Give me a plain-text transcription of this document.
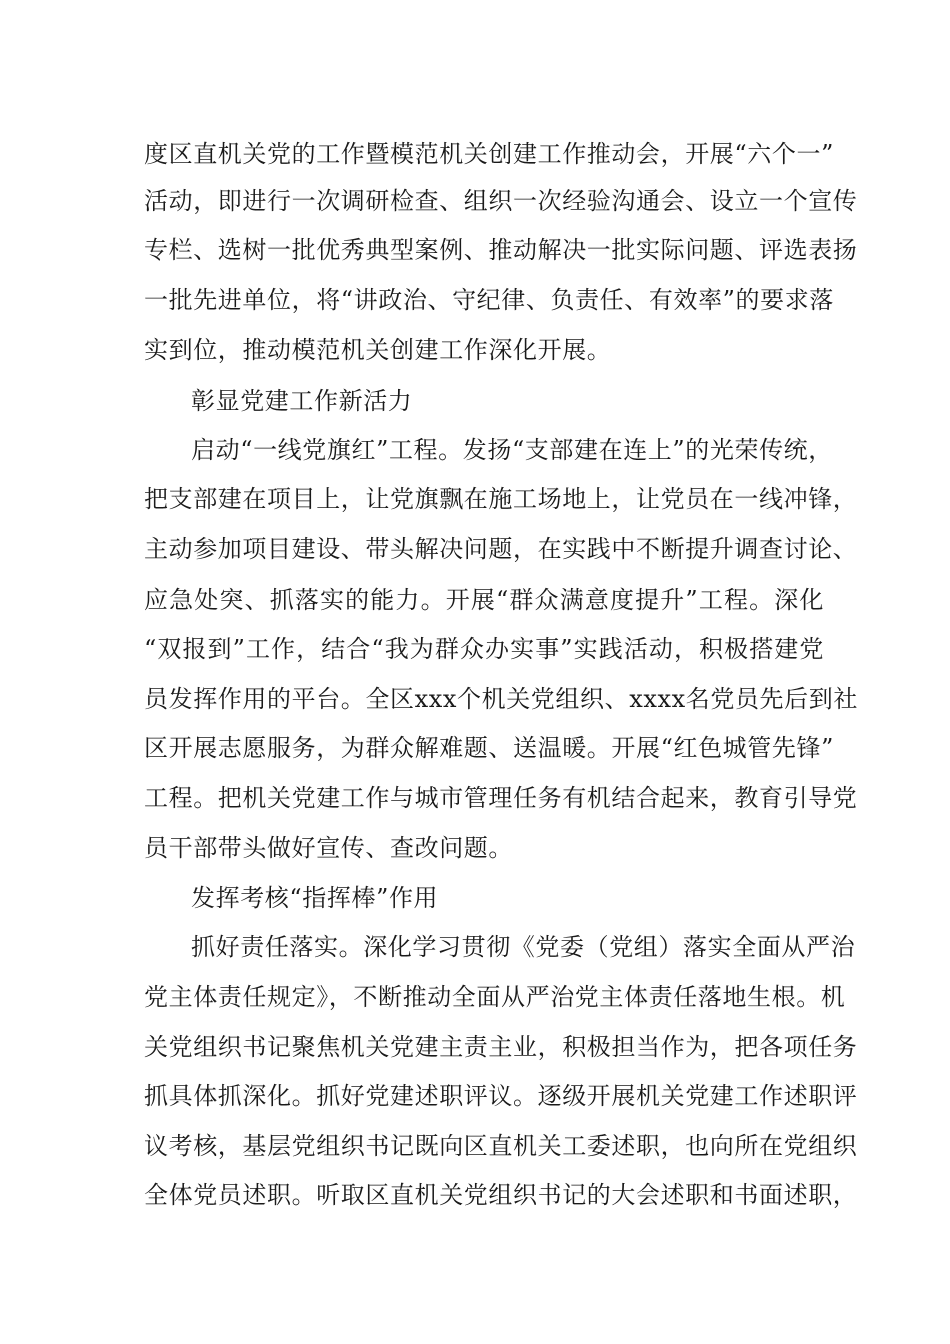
度区直机关党的工作暨模范机关创建工作推动会，开展“六个一”
活动，即进行一次调研检查、组织一次经验沟通会、设立一个宣传
专栏、选树一批优秀典型案例、推动解决一批实际问题、评选表扬
一批先进单位，将“讲政治、守纪律、负责任、有效率”的要求落
实到位，推动模范机关创建工作深化开展。
彰显党建工作新活力
启动“一线党旗红”工程。发扬“支部建在连上”的光荣传统，
把支部建在项目上，让党旗飘在施工场地上，让党员在一线冲锋，
主动参加项目建设、带头解决问题，在实践中不断提升调查讨论、
应急处突、抓落实的能力。开展“群众满意度提升”工程。深化
“双报到”工作，结合“我为群众办实事”实践活动，积极搭建党
员发挥作用的平台。全区xxx个机关党组织、xxxx名党员先后到社
区开展志愿服务，为群众解难题、送温暖。开展“红色城管先锋”
工程。把机关党建工作与城市管理任务有机结合起来，教育引导党
员干部带头做好宣传、查改问题。
发挥考核“指挥棒”作用
抓好责任落实。深化学习贯彻《党委（党组）落实全面从严治
党主体责任规定》，不断推动全面从严治党主体责任落地生根。机
关党组织书记聚焦机关党建主责主业，积极担当作为，把各项任务
抓具体抓深化。抓好党建述职评议。逐级开展机关党建工作述职评
议考核，基层党组织书记既向区直机关工委述职，也向所在党组织
全体党员述职。听取区直机关党组织书记的大会述职和书面述职，
